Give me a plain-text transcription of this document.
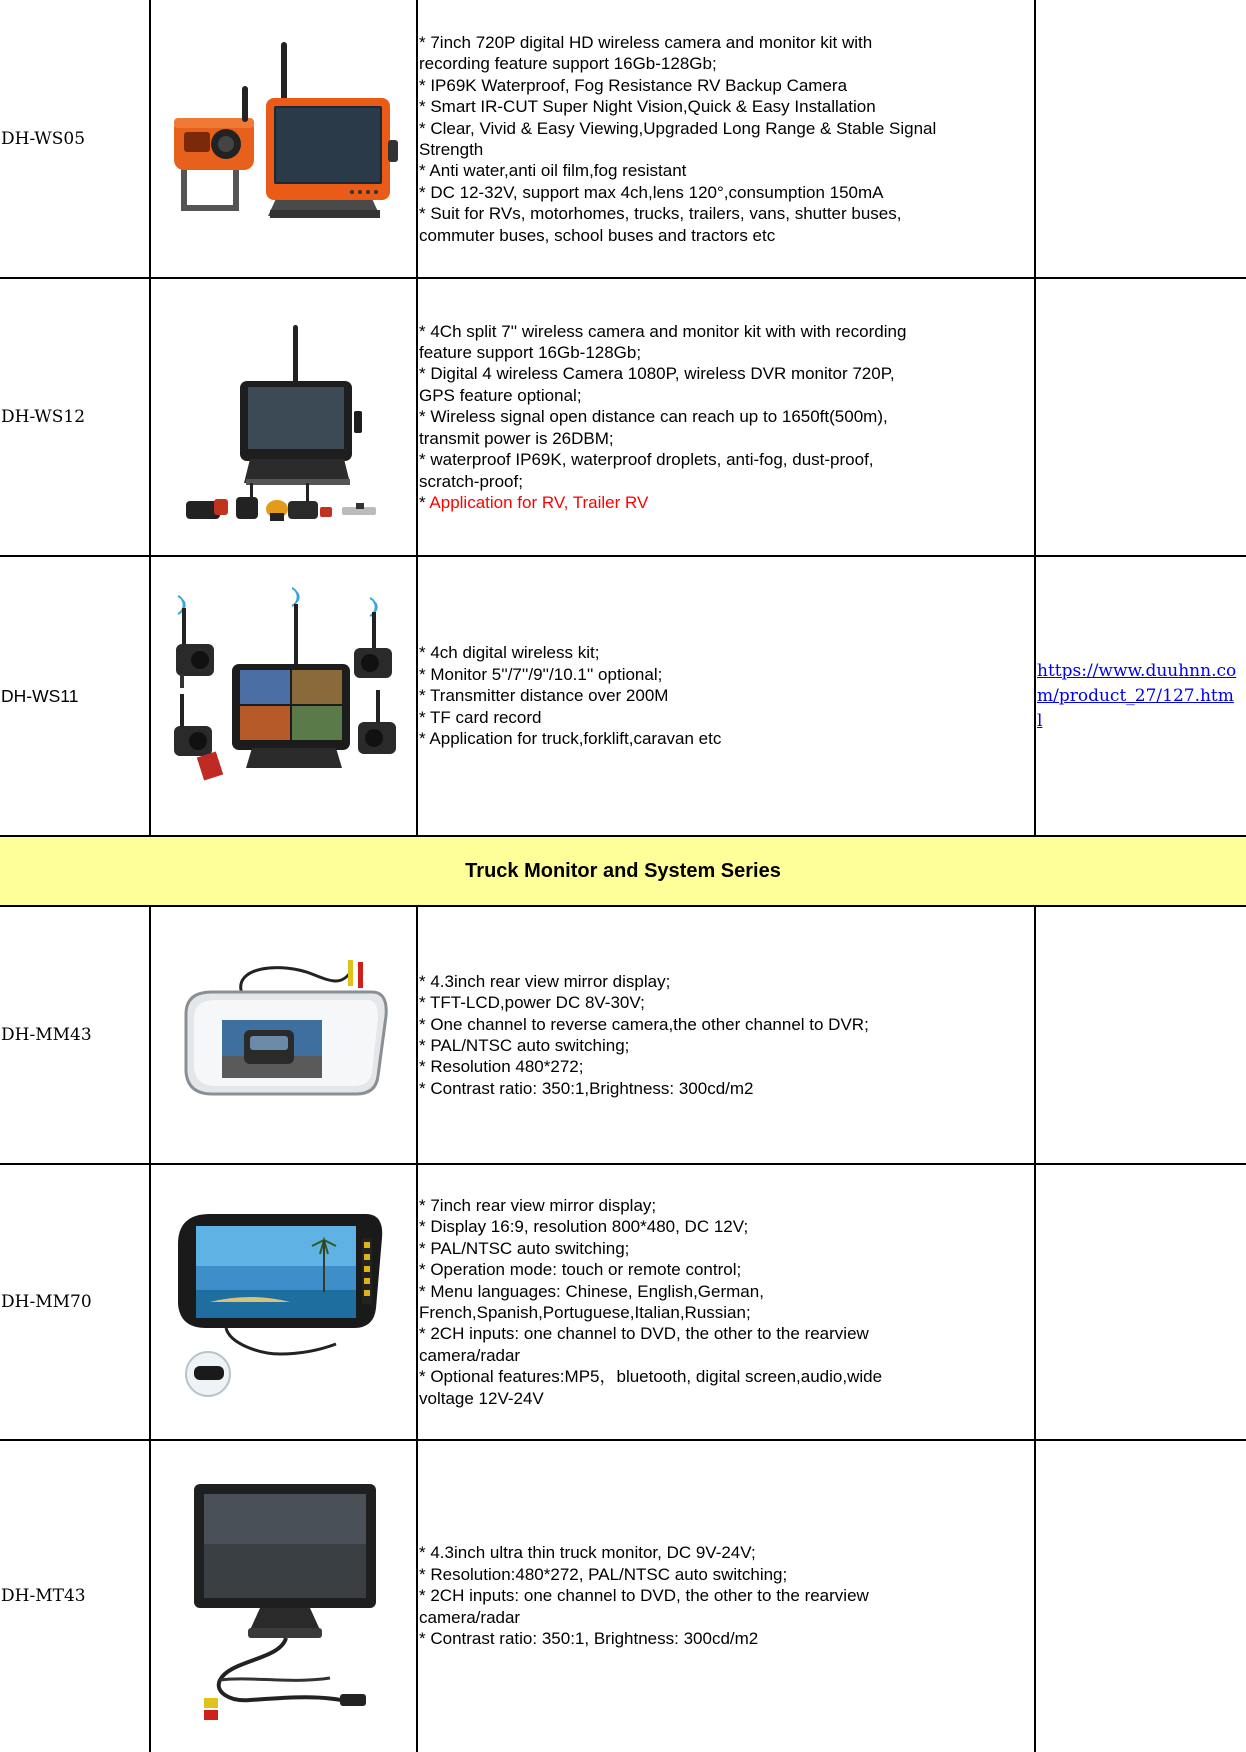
DH-WS05
* 7inch 720P digital HD wireless camera and monitor kit with
recording feature support 16Gb-128Gb;
* IP69K Waterproof, Fog Resistance RV Backup Camera
* Smart IR-CUT Super Night Vision,Quick & Easy Installation
* Clear, Vivid & Easy Viewing,Upgraded Long Range & Stable Signal
Strength
* Anti water,anti oil film,fog resistant
* DC 12-32V, support max 4ch,lens 120°,consumption 150mA
* Suit for RVs, motorhomes, trucks, trailers, vans, shutter buses,
commuter buses, school buses and tractors etc
DH-WS12
* 4Ch split 7'' wireless camera and monitor kit with with recording
feature support 16Gb-128Gb;
* Digital 4 wireless Camera 1080P, wireless DVR monitor 720P,
GPS feature optional;
* Wireless signal open distance can reach up to 1650ft(500m),
transmit power is 26DBM;
* waterproof IP69K, waterproof droplets, anti-fog, dust-proof,
scratch-proof;
* Application for RV, Trailer RV
DH-WS11
* 4ch digital wireless kit;
* Monitor 5''/7''/9''/10.1'' optional;
* Transmitter distance over 200M
* TF card record
* Application for truck,forklift,caravan etc
https://www.duuhnn.com/product_27/127.html
Truck Monitor and System Series
DH-MM43
* 4.3inch rear view mirror display;
* TFT-LCD,power DC 8V-30V;
* One channel to reverse camera,the other channel to DVR;
* PAL/NTSC auto switching;
* Resolution 480*272;
* Contrast ratio: 350:1,Brightness: 300cd/m2
DH-MM70
* 7inch rear view mirror display;
* Display 16:9, resolution 800*480, DC 12V;
* PAL/NTSC auto switching;
* Operation mode: touch or remote control;
* Menu languages: Chinese, English,German,
French,Spanish,Portuguese,Italian,Russian;
* 2CH inputs: one channel to DVD, the other to the rearview
camera/radar
* Optional features:MP5，bluetooth, digital screen,audio,wide
voltage 12V-24V
DH-MT43
* 4.3inch ultra thin truck monitor, DC 9V-24V;
* Resolution:480*272, PAL/NTSC auto switching;
* 2CH inputs: one channel to DVD, the other to the rearview
camera/radar
* Contrast ratio: 350:1, Brightness: 300cd/m2
